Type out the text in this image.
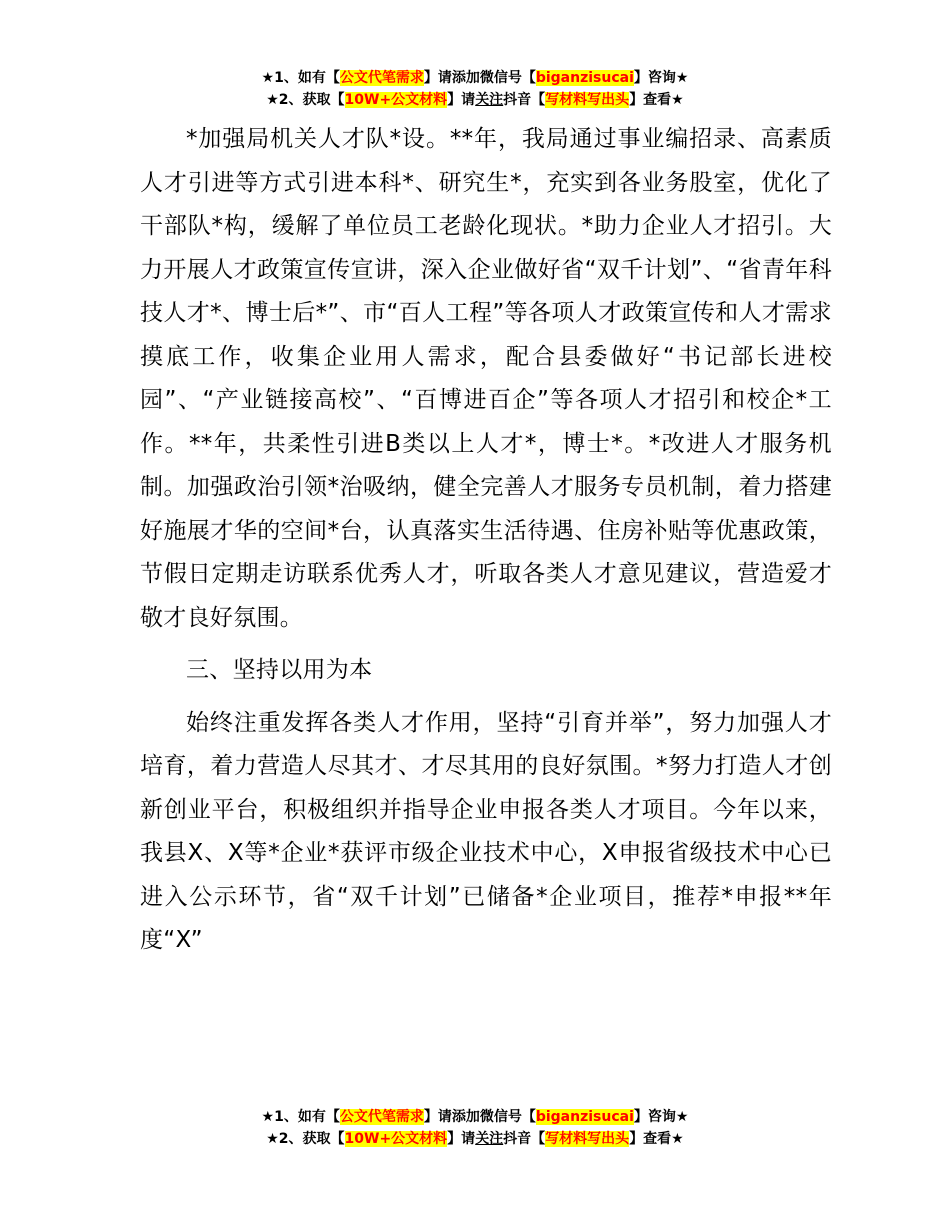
★1、如有【公文代笔需求】请添加微信号【biganzisucai】咨询★
★2、获取【10W+公文材料】请关注抖音【写材料写出头】查看★

*加强局机关人才队*设。**年，我局通过事业编招录、高素质人才引进等方式引进本科*、研究生*，充实到各业务股室，优化了干部队*构，缓解了单位员工老龄化现状。*助力企业人才招引。大力开展人才政策宣传宣讲，深入企业做好省“双千计划”、“省青年科技人才*、博士后*”、市“百人工程”等各项人才政策宣传和人才需求摸底工作，收集企业用人需求，配合县委做好“书记部长进校园”、“产业链接高校”、“百博进百企”等各项人才招引和校企*工作。**年，共柔性引进B类以上人才*，博士*。*改进人才服务机制。加强政治引领*治吸纳，健全完善人才服务专员机制，着力搭建好施展才华的空间*台，认真落实生活待遇、住房补贴等优惠政策，节假日定期走访联系优秀人才，听取各类人才意见建议，营造爱才敬才良好氛围。

三、坚持以用为本

始终注重发挥各类人才作用，坚持“引育并举”，努力加强人才培育，着力营造人尽其才、才尽其用的良好氛围。*努力打造人才创新创业平台，积极组织并指导企业申报各类人才项目。今年以来，我县X、X等*企业*获评市级企业技术中心，X申报省级技术中心已进入公示环节，省“双千计划”已储备*企业项目，推荐*申报**年度“X”

★1、如有【公文代笔需求】请添加微信号【biganzisucai】咨询★
★2、获取【10W+公文材料】请关注抖音【写材料写出头】查看★
